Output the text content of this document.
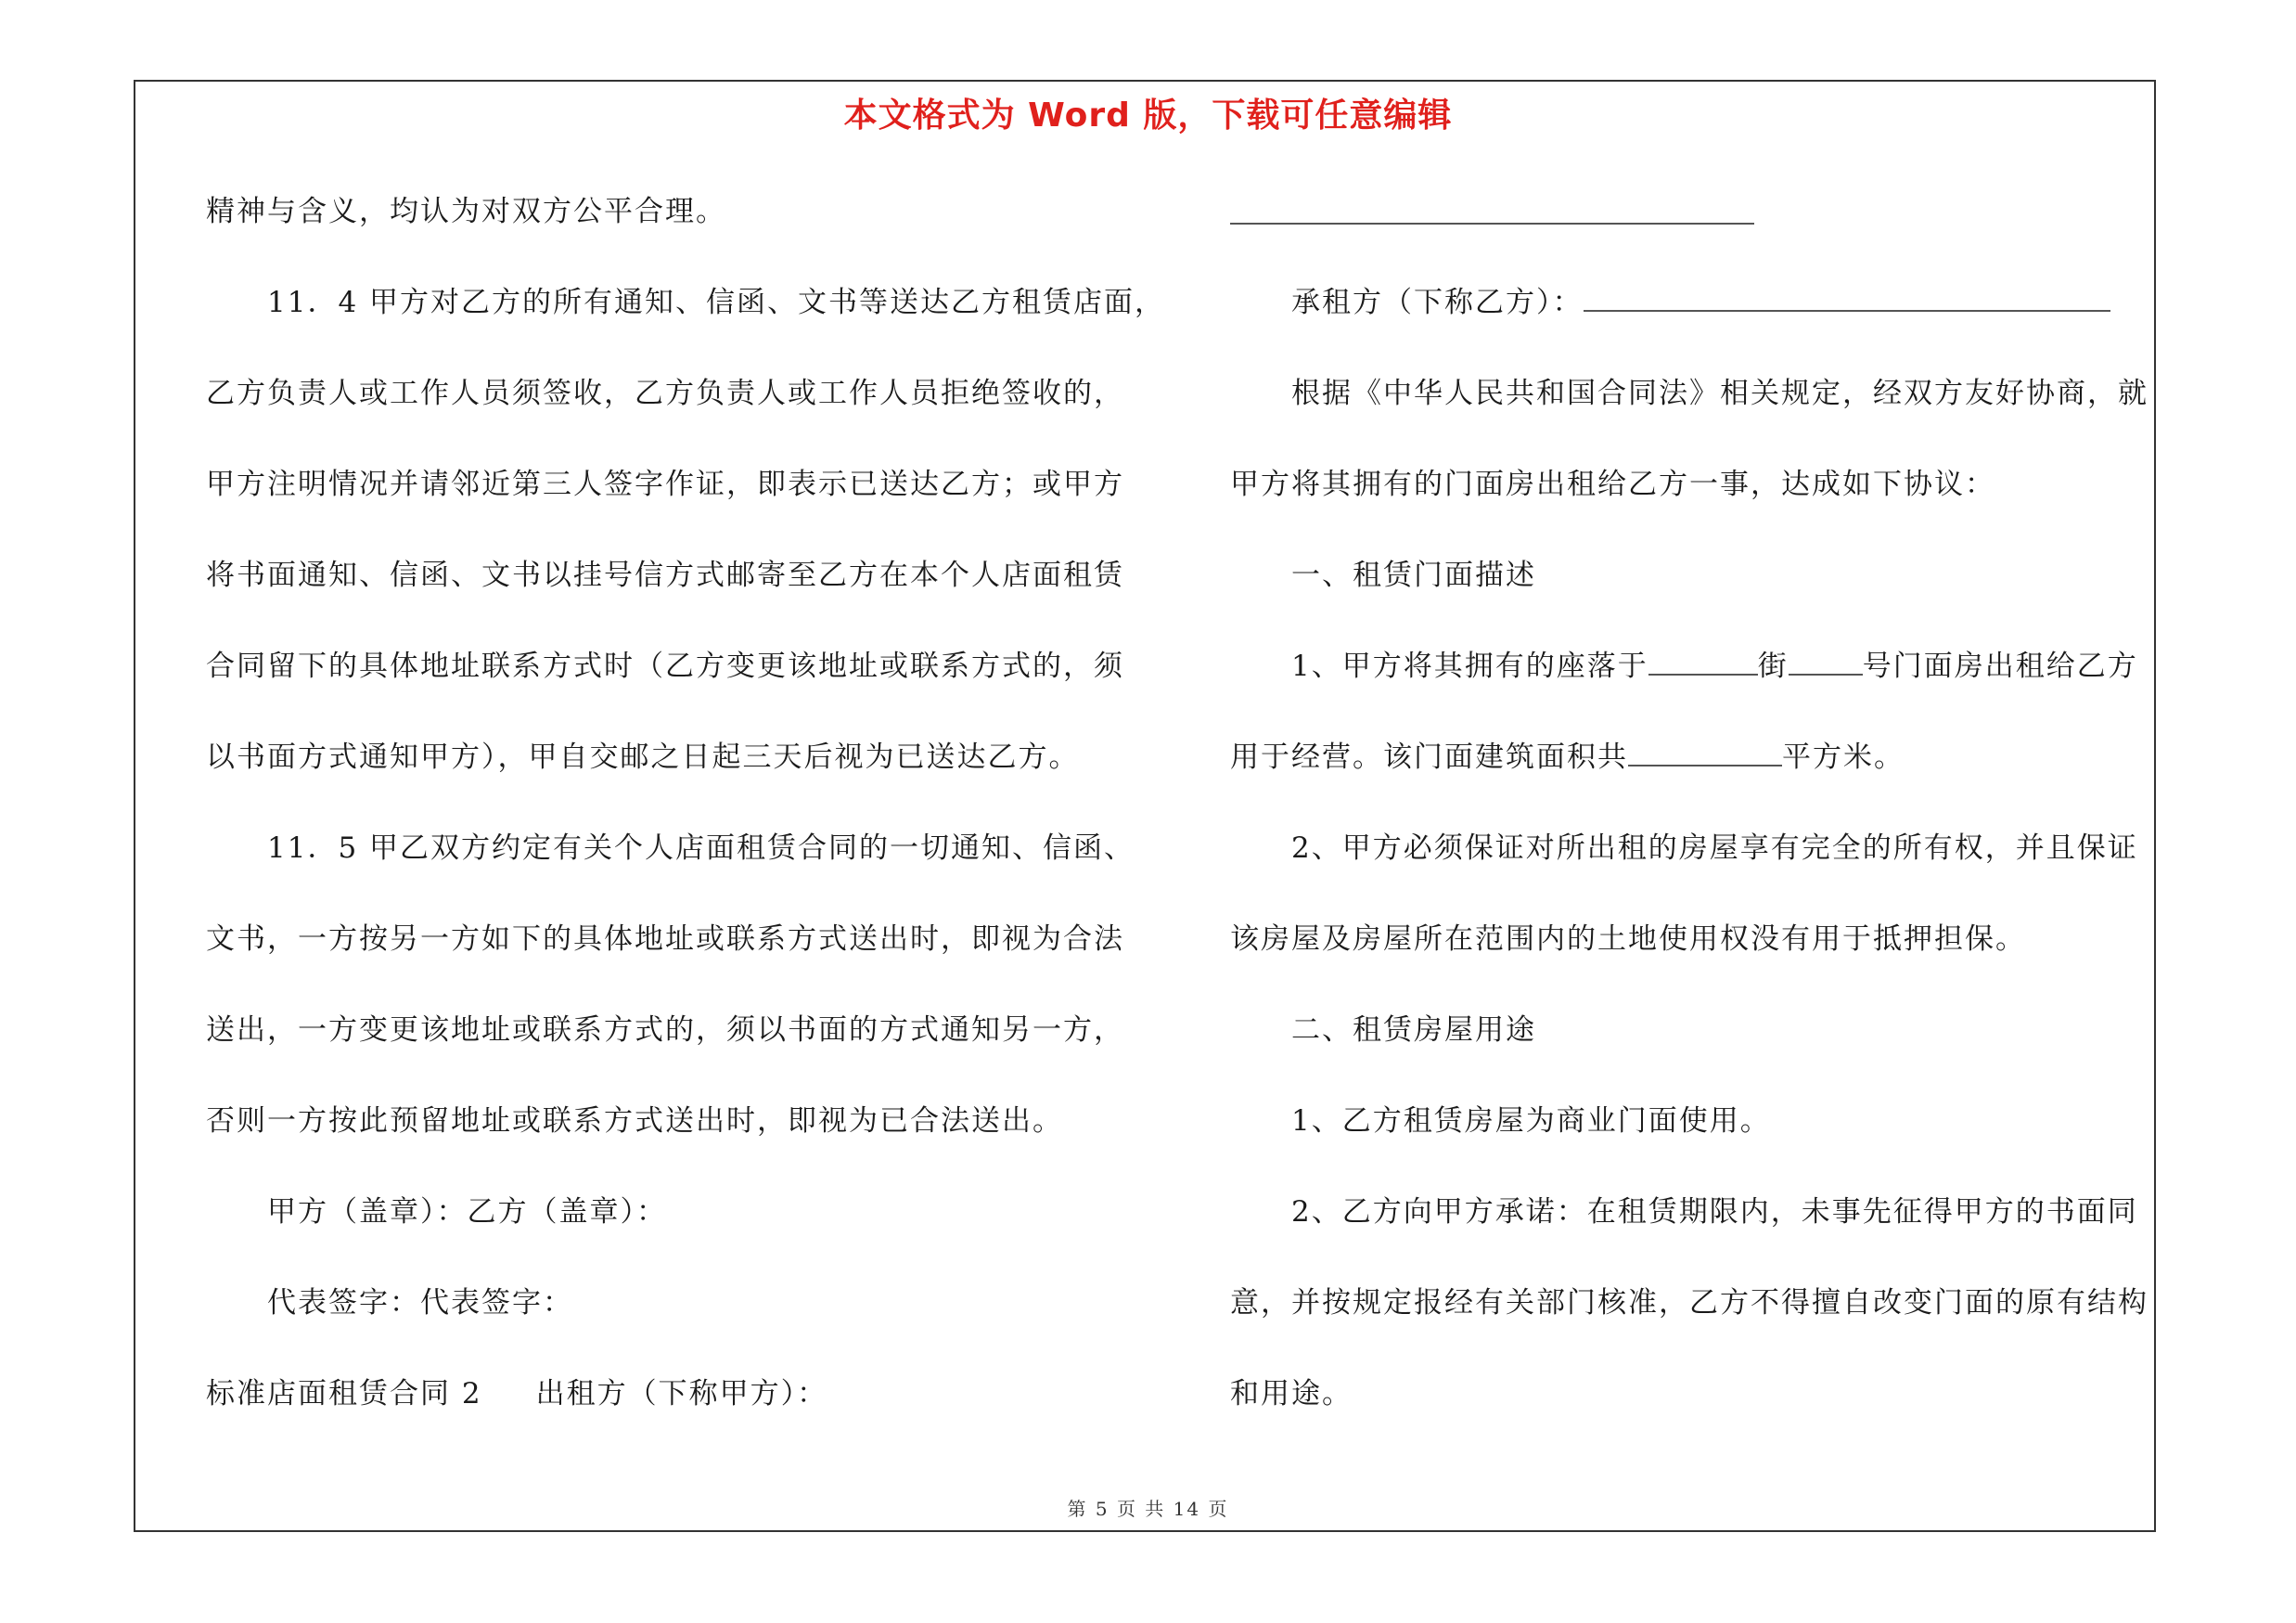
本文格式为 Word 版，下载可任意编辑
精神与含义，均认为对双方公平合理。
11．4 甲方对乙方的所有通知、信函、文书等送达乙方租赁店面，
乙方负责人或工作人员须签收，乙方负责人或工作人员拒绝签收的，
甲方注明情况并请邻近第三人签字作证，即表示已送达乙方；或甲方
将书面通知、信函、文书以挂号信方式邮寄至乙方在本个人店面租赁
合同留下的具体地址联系方式时（乙方变更该地址或联系方式的，须
以书面方式通知甲方），甲自交邮之日起三天后视为已送达乙方。
11．5 甲乙双方约定有关个人店面租赁合同的一切通知、信函、
文书，一方按另一方如下的具体地址或联系方式送出时，即视为合法
送出，一方变更该地址或联系方式的，须以书面的方式通知另一方，
否则一方按此预留地址或联系方式送出时，即视为已合法送出。
甲方（盖章）：乙方（盖章）：
代表签字：代表签字：
标准店面租赁合同 2 出租方（下称甲方）：
承租方（下称乙方）：
根据《中华人民共和国合同法》相关规定，经双方友好协商，就
甲方将其拥有的门面房出租给乙方一事，达成如下协议：
一、租赁门面描述
1、甲方将其拥有的座落于	街	号门面房出租给乙方
用于经营。该门面建筑面积共	平方米。
2、甲方必须保证对所出租的房屋享有完全的所有权，并且保证
该房屋及房屋所在范围内的土地使用权没有用于抵押担保。
二、租赁房屋用途
1、乙方租赁房屋为商业门面使用。
2、乙方向甲方承诺：在租赁期限内，未事先征得甲方的书面同
意，并按规定报经有关部门核准，乙方不得擅自改变门面的原有结构
和用途。
第 5 页 共 14 页
